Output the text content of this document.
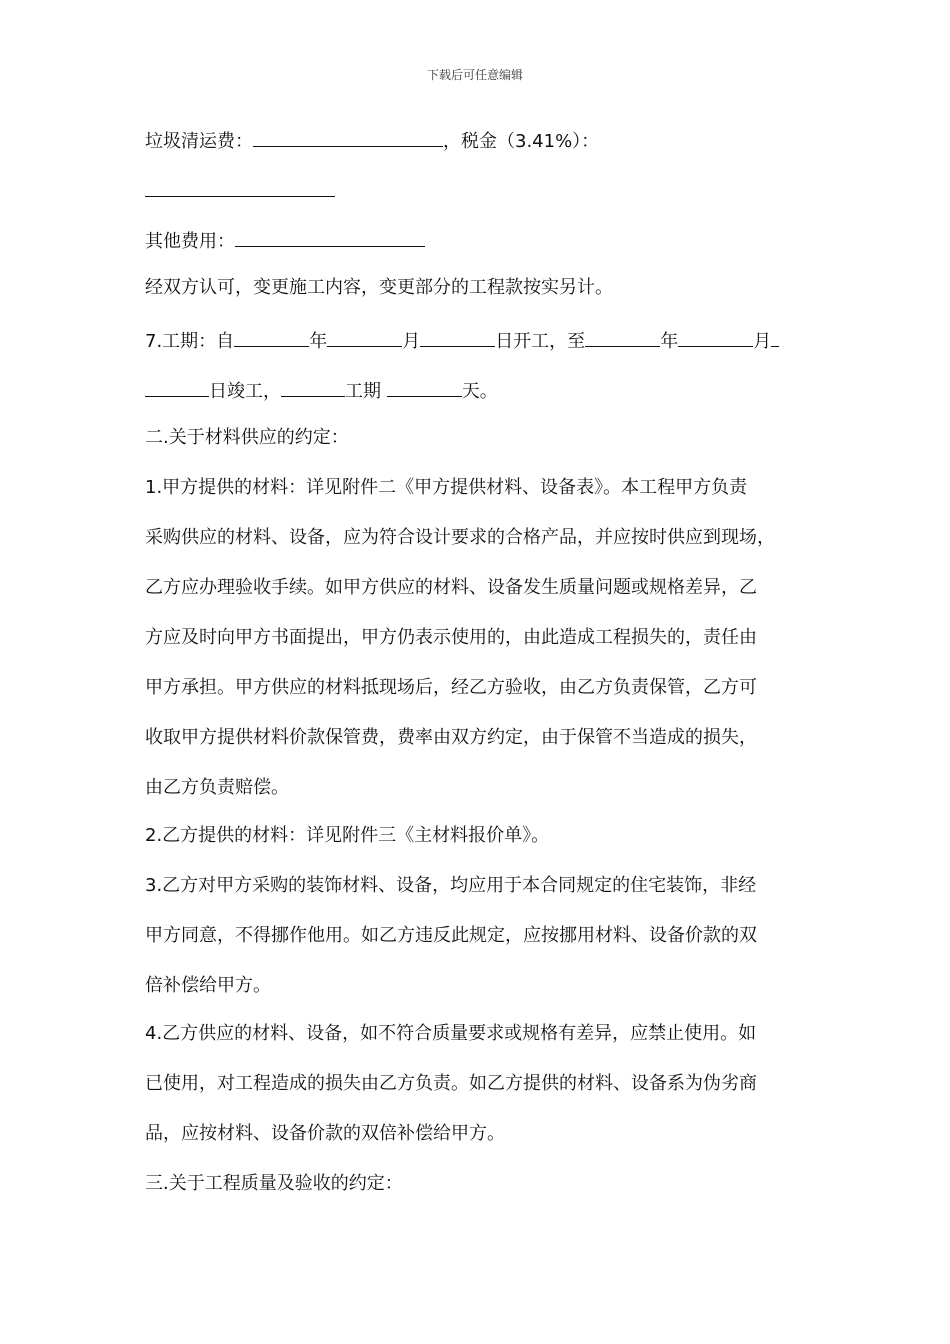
下载后可任意编辑
垃圾清运费：	，税金（3.41%）：
其他费用：
经双方认可，变更施工内容，变更部分的工程款按实另计。
7.工期：自	年	月	日开工，至	年	月
日竣工，	工期	天。
二.关于材料供应的约定：
1.甲方提供的材料：详见附件二《甲方提供材料、设备表》。本工程甲方负责
采购供应的材料、设备，应为符合设计要求的合格产品，并应按时供应到现场，
乙方应办理验收手续。如甲方供应的材料、设备发生质量问题或规格差异，乙
方应及时向甲方书面提出，甲方仍表示使用的，由此造成工程损失的，责任由
甲方承担。甲方供应的材料抵现场后，经乙方验收，由乙方负责保管，乙方可
收取甲方提供材料价款保管费，费率由双方约定，由于保管不当造成的损失，
由乙方负责赔偿。
2.乙方提供的材料：详见附件三《主材料报价单》。
3.乙方对甲方采购的装饰材料、设备，均应用于本合同规定的住宅装饰，非经
甲方同意，不得挪作他用。如乙方违反此规定，应按挪用材料、设备价款的双
倍补偿给甲方。
4.乙方供应的材料、设备，如不符合质量要求或规格有差异，应禁止使用。如
已使用，对工程造成的损失由乙方负责。如乙方提供的材料、设备系为伪劣商
品，应按材料、设备价款的双倍补偿给甲方。
三.关于工程质量及验收的约定：
